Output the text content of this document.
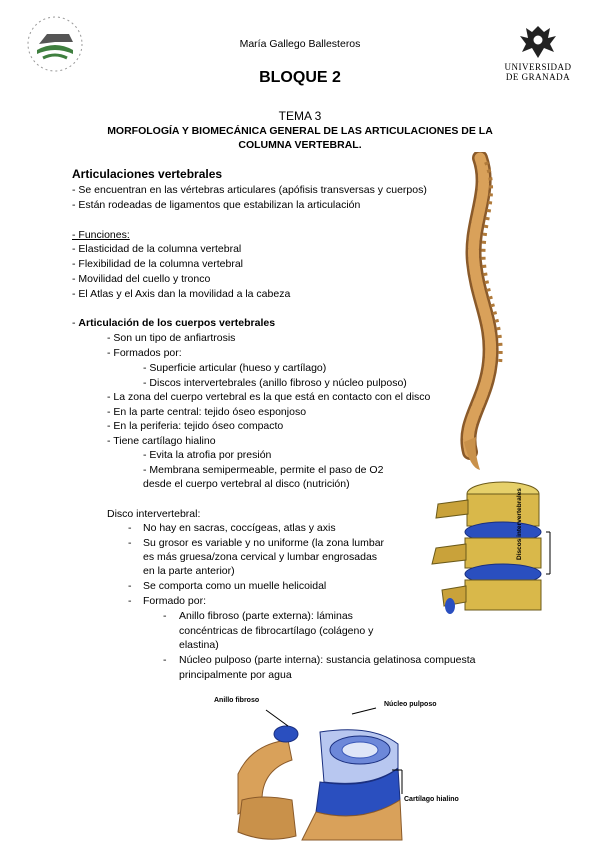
María Gallego Ballesteros
UNIVERSIDAD
DE GRANADA
BLOQUE 2
TEMA 3
MORFOLOGÍA Y BIOMECÁNICA GENERAL DE LAS ARTICULACIONES DE LA COLUMNA VERTEBRAL.
Articulaciones vertebrales
- Se encuentran en las vértebras articulares (apófisis transversas y cuerpos)
- Están rodeadas de ligamentos que estabilizan la articulación
- Funciones:
- Elasticidad de la columna vertebral
- Flexibilidad de la columna vertebral
- Movilidad del cuello y tronco
- El Atlas y el Axis dan la movilidad a la cabeza
- Articulación de los cuerpos vertebrales
- Son un tipo de anfiartrosis
- Formados por:
- Superficie articular (hueso y cartílago)
- Discos intervertebrales (anillo fibroso y núcleo pulposo)
- La zona del cuerpo vertebral es la que está en contacto con el disco
- En la parte central: tejido óseo esponjoso
- En la periferia: tejido óseo compacto
- Tiene cartílago hialino
- Evita la atrofia por presión
- Membrana semipermeable, permite el paso de O2
desde el cuerpo vertebral al disco (nutrición)
Disco intervertebral:
- No hay en sacras, coccígeas, atlas y axis
- Su grosor es variable y no uniforme (la zona lumbar
es más gruesa/zona cervical y lumbar engrosadas
en la parte anterior)
- Se comporta como un muelle helicoidal
- Formado por:
- Anillo fibroso (parte externa): láminas
concéntricas de fibrocartílago (colágeno y
elastina)
- Núcleo pulposo (parte interna): sustancia gelatinosa compuesta
principalmente por agua
Discos intervertebrales
Anillo fibroso
Núcleo pulposo
Cartílago hialino
